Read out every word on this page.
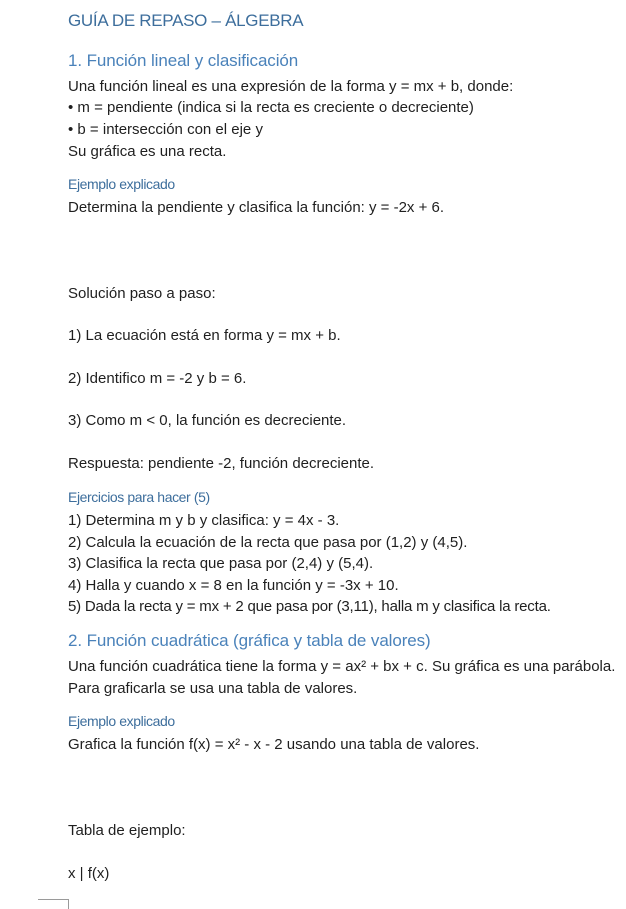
GUÍA DE REPASO – ÁLGEBRA
1. Función lineal y clasificación
Una función lineal es una expresión de la forma y = mx + b, donde:
• m = pendiente (indica si la recta es creciente o decreciente)
• b = intersección con el eje y
Su gráfica es una recta.
Ejemplo explicado
Determina la pendiente y clasifica la función: y = -2x + 6.
Solución paso a paso:
1) La ecuación está en forma y = mx + b.
2) Identifico m = -2 y b = 6.
3) Como m < 0, la función es decreciente.
Respuesta: pendiente -2, función decreciente.
Ejercicios para hacer (5)
1) Determina m y b y clasifica: y = 4x - 3.
2) Calcula la ecuación de la recta que pasa por (1,2) y (4,5).
3) Clasifica la recta que pasa por (2,4) y (5,4).
4) Halla y cuando x = 8 en la función y = -3x + 10.
5) Dada la recta y = mx + 2 que pasa por (3,11), halla m y clasifica la recta.
2. Función cuadrática (gráfica y tabla de valores)
Una función cuadrática tiene la forma y = ax² + bx + c. Su gráfica es una parábola. Para graficarla se usa una tabla de valores.
Ejemplo explicado
Grafica la función f(x) = x² - x - 2 usando una tabla de valores.
Tabla de ejemplo:
x | f(x)
